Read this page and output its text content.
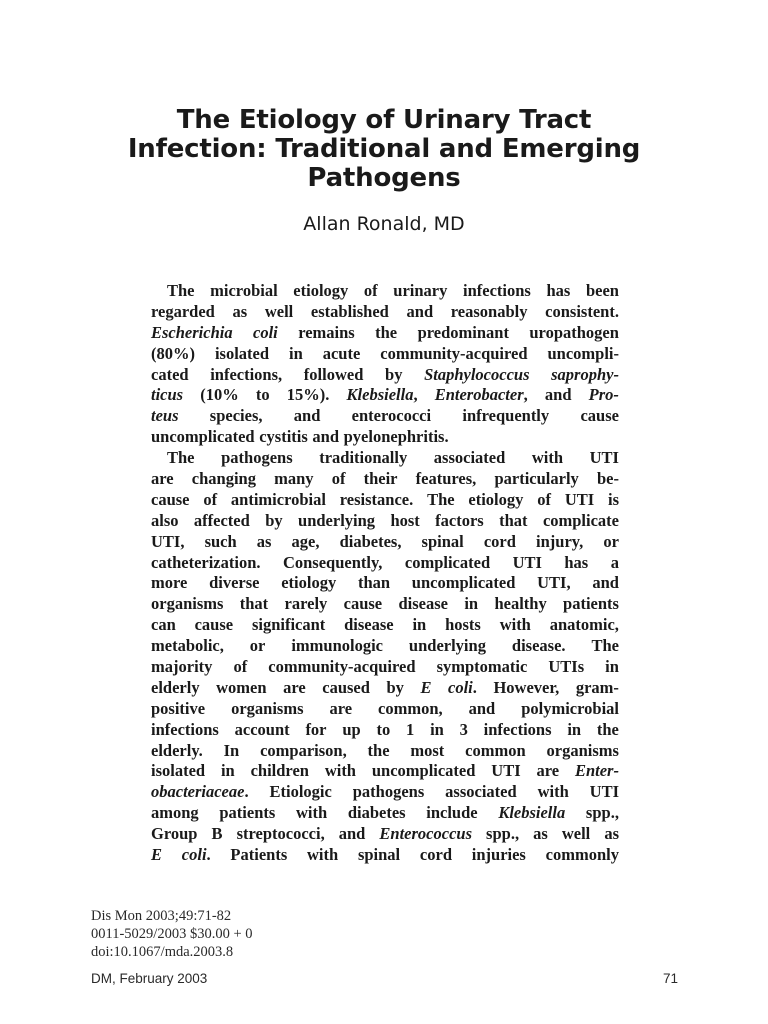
The Etiology of Urinary Tract
Infection: Traditional and Emerging
Pathogens
Allan Ronald, MD
The microbial etiology of urinary infections has been
regarded as well established and reasonably consistent.
Escherichia coli remains the predominant uropathogen
(80%) isolated in acute community-acquired uncompli-
cated infections, followed by Staphylococcus saprophy-
ticus (10% to 15%). Klebsiella, Enterobacter, and Pro-
teus species, and enterococci infrequently cause
uncomplicated cystitis and pyelonephritis.
The pathogens traditionally associated with UTI
are changing many of their features, particularly be-
cause of antimicrobial resistance. The etiology of UTI is
also affected by underlying host factors that complicate
UTI, such as age, diabetes, spinal cord injury, or
catheterization. Consequently, complicated UTI has a
more diverse etiology than uncomplicated UTI, and
organisms that rarely cause disease in healthy patients
can cause significant disease in hosts with anatomic,
metabolic, or immunologic underlying disease. The
majority of community-acquired symptomatic UTIs in
elderly women are caused by E coli. However, gram-
positive organisms are common, and polymicrobial
infections account for up to 1 in 3 infections in the
elderly. In comparison, the most common organisms
isolated in children with uncomplicated UTI are Enter-
obacteriaceae. Etiologic pathogens associated with UTI
among patients with diabetes include Klebsiella spp.,
Group B streptococci, and Enterococcus spp., as well as
E coli. Patients with spinal cord injuries commonly
Dis Mon 2003;49:71-82
0011-5029/2003 $30.00 + 0
doi:10.1067/mda.2003.8
DM, February 2003	71
